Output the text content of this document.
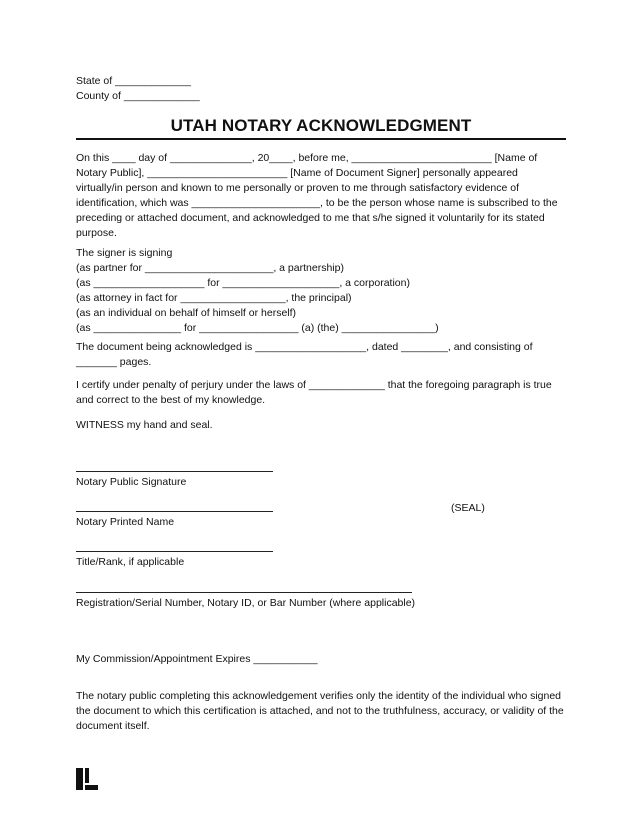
State of _____________
County of _____________
UTAH NOTARY ACKNOWLEDGMENT
On this ____ day of ______________, 20____, before me, ________________________ [Name of
Notary Public], ________________________ [Name of Document Signer] personally appeared
virtually/in person and known to me personally or proven to me through satisfactory evidence of
identification, which was ______________________, to be the person whose name is subscribed to the
preceding or attached document, and acknowledged to me that s/he signed it voluntarily for its stated
purpose.
The signer is signing
(as partner for ______________________, a partnership)
(as ___________________ for ____________________, a corporation)
(as attorney in fact for __________________, the principal)
(as an individual on behalf of himself or herself)
(as _______________ for _________________ (a) (the) ________________)
The document being acknowledged is ___________________, dated ________, and consisting of
_______ pages.
I certify under penalty of perjury under the laws of _____________ that the foregoing paragraph is true
and correct to the best of my knowledge.
WITNESS my hand and seal.
Notary Public Signature
Notary Printed Name
(SEAL)
Title/Rank, if applicable
Registration/Serial Number, Notary ID, or Bar Number (where applicable)
My Commission/Appointment Expires ___________
The notary public completing this acknowledgement verifies only the identity of the individual who signed
the document to which this certification is attached, and not to the truthfulness, accuracy, or validity of the
document itself.
